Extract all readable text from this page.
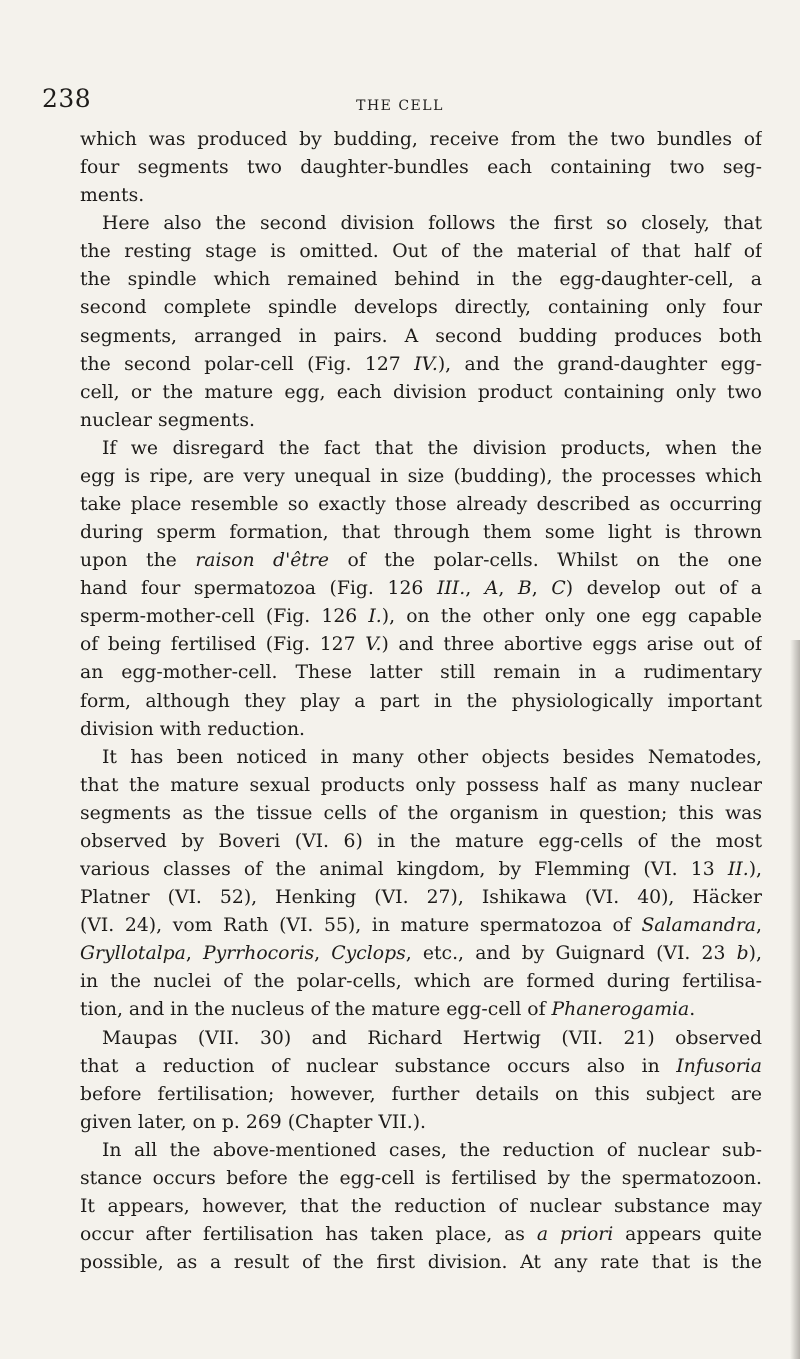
238	THE CELL
which was produced by budding, receive from the two bundles of
four segments two daughter-bundles each containing two seg-
ments.
Here also the second division follows the first so closely, that
the resting stage is omitted. Out of the material of that half of
the spindle which remained behind in the egg-daughter-cell, a
second complete spindle develops directly, containing only four
segments, arranged in pairs. A second budding produces both
the second polar-cell (Fig. 127 IV.), and the grand-daughter egg-
cell, or the mature egg, each division product containing only two
nuclear segments.
If we disregard the fact that the division products, when the
egg is ripe, are very unequal in size (budding), the processes which
take place resemble so exactly those already described as occurring
during sperm formation, that through them some light is thrown
upon the raison d'être of the polar-cells. Whilst on the one
hand four spermatozoa (Fig. 126 III., A, B, C) develop out of a
sperm-mother-cell (Fig. 126 I.), on the other only one egg capable
of being fertilised (Fig. 127 V.) and three abortive eggs arise out of
an egg-mother-cell. These latter still remain in a rudimentary
form, although they play a part in the physiologically important
division with reduction.
It has been noticed in many other objects besides Nematodes,
that the mature sexual products only possess half as many nuclear
segments as the tissue cells of the organism in question; this was
observed by Boveri (VI. 6) in the mature egg-cells of the most
various classes of the animal kingdom, by Flemming (VI. 13 II.),
Platner (VI. 52), Henking (VI. 27), Ishikawa (VI. 40), Häcker
(VI. 24), vom Rath (VI. 55), in mature spermatozoa of Salamandra,
Gryllotalpa, Pyrrhocoris, Cyclops, etc., and by Guignard (VI. 23 b),
in the nuclei of the polar-cells, which are formed during fertilisa-
tion, and in the nucleus of the mature egg-cell of Phanerogamia.
Maupas (VII. 30) and Richard Hertwig (VII. 21) observed
that a reduction of nuclear substance occurs also in Infusoria
before fertilisation; however, further details on this subject are
given later, on p. 269 (Chapter VII.).
In all the above-mentioned cases, the reduction of nuclear sub-
stance occurs before the egg-cell is fertilised by the spermatozoon.
It appears, however, that the reduction of nuclear substance may
occur after fertilisation has taken place, as a priori appears quite
possible, as a result of the first division. At any rate that is the
